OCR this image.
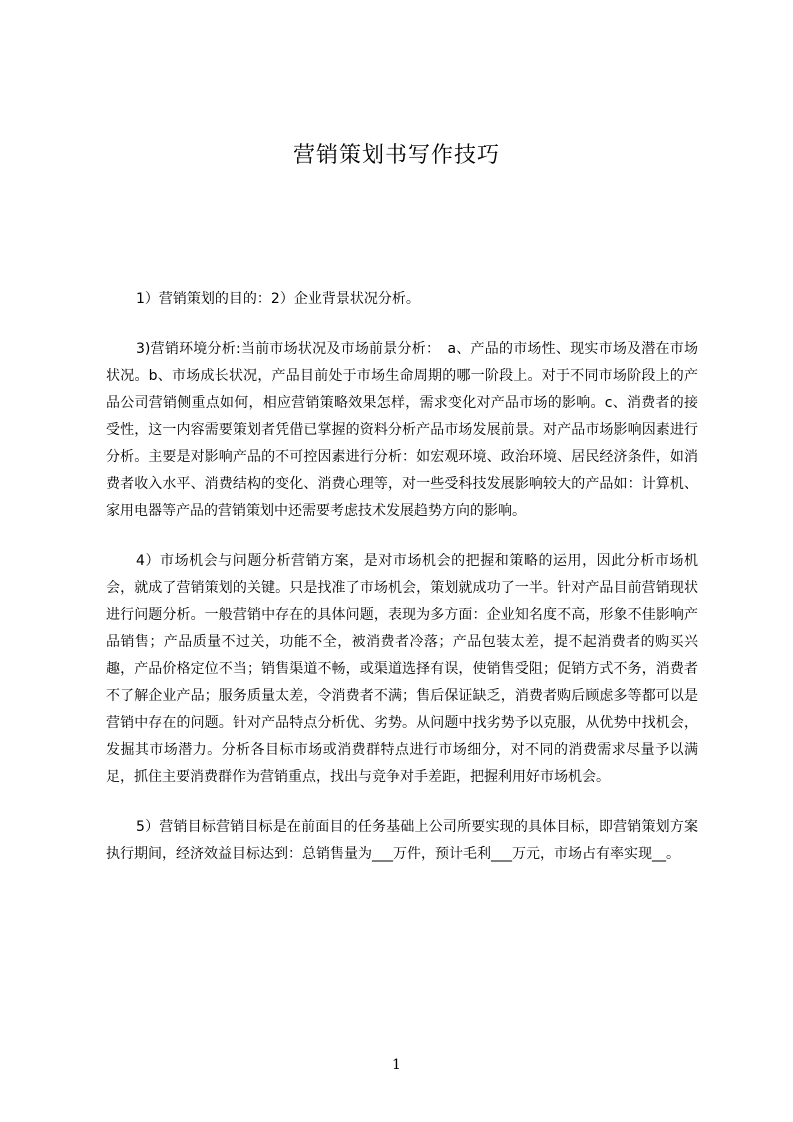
营销策划书写作技巧

1）营销策划的目的：2）企业背景状况分析。

3)营销环境分析:当前市场状况及市场前景分析：　a、产品的市场性、现实市场及潜在市场状况。b、市场成长状况，产品目前处于市场生命周期的哪一阶段上。对于不同市场阶段上的产品公司营销侧重点如何，相应营销策略效果怎样，需求变化对产品市场的影响。c、消费者的接受性，这一内容需要策划者凭借已掌握的资料分析产品市场发展前景。对产品市场影响因素进行分析。主要是对影响产品的不可控因素进行分析：如宏观环境、政治环境、居民经济条件，如消费者收入水平、消费结构的变化、消费心理等，对一些受科技发展影响较大的产品如：计算机、家用电器等产品的营销策划中还需要考虑技术发展趋势方向的影响。

4）市场机会与问题分析营销方案，是对市场机会的把握和策略的运用，因此分析市场机会，就成了营销策划的关键。只是找准了市场机会，策划就成功了一半。针对产品目前营销现状进行问题分析。一般营销中存在的具体问题，表现为多方面：企业知名度不高，形象不佳影响产品销售；产品质量不过关，功能不全，被消费者冷落；产品包装太差，提不起消费者的购买兴趣，产品价格定位不当；销售渠道不畅，或渠道选择有误，使销售受阻；促销方式不务，消费者不了解企业产品；服务质量太差，令消费者不满；售后保证缺乏，消费者购后顾虑多等都可以是营销中存在的问题。针对产品特点分析优、劣势。从问题中找劣势予以克服，从优势中找机会，发掘其市场潜力。分析各目标市场或消费群特点进行市场细分，对不同的消费需求尽量予以满足，抓住主要消费群作为营销重点，找出与竞争对手差距，把握利用好市场机会。

5）营销目标营销目标是在前面目的任务基础上公司所要实现的具体目标，即营销策划方案执行期间，经济效益目标达到：总销售量为___万件，预计毛利___万元，市场占有率实现__。

1
